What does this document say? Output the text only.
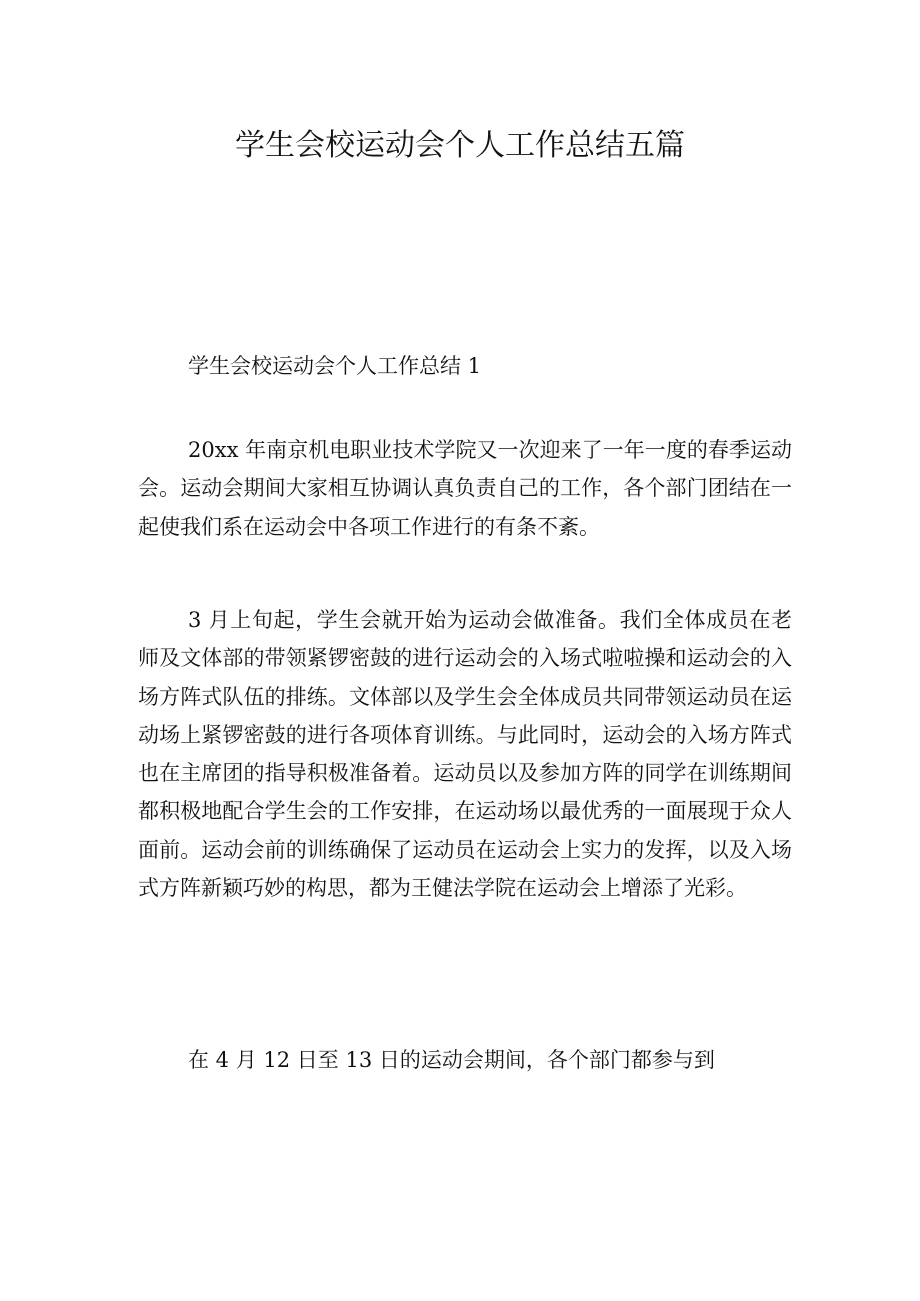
学生会校运动会个人工作总结五篇

学生会校运动会个人工作总结 1

20xx 年南京机电职业技术学院又一次迎来了一年一度的春季运动会。运动会期间大家相互协调认真负责自己的工作，各个部门团结在一起使我们系在运动会中各项工作进行的有条不紊。

3 月上旬起，学生会就开始为运动会做准备。我们全体成员在老师及文体部的带领紧锣密鼓的进行运动会的入场式啦啦操和运动会的入场方阵式队伍的排练。文体部以及学生会全体成员共同带领运动员在运动场上紧锣密鼓的进行各项体育训练。与此同时，运动会的入场方阵式也在主席团的指导积极准备着。运动员以及参加方阵的同学在训练期间都积极地配合学生会的工作安排，在运动场以最优秀的一面展现于众人面前。运动会前的训练确保了运动员在运动会上实力的发挥，以及入场式方阵新颖巧妙的构思，都为王健法学院在运动会上增添了光彩。

在 4 月 12 日至 13 日的运动会期间，各个部门都参与到
